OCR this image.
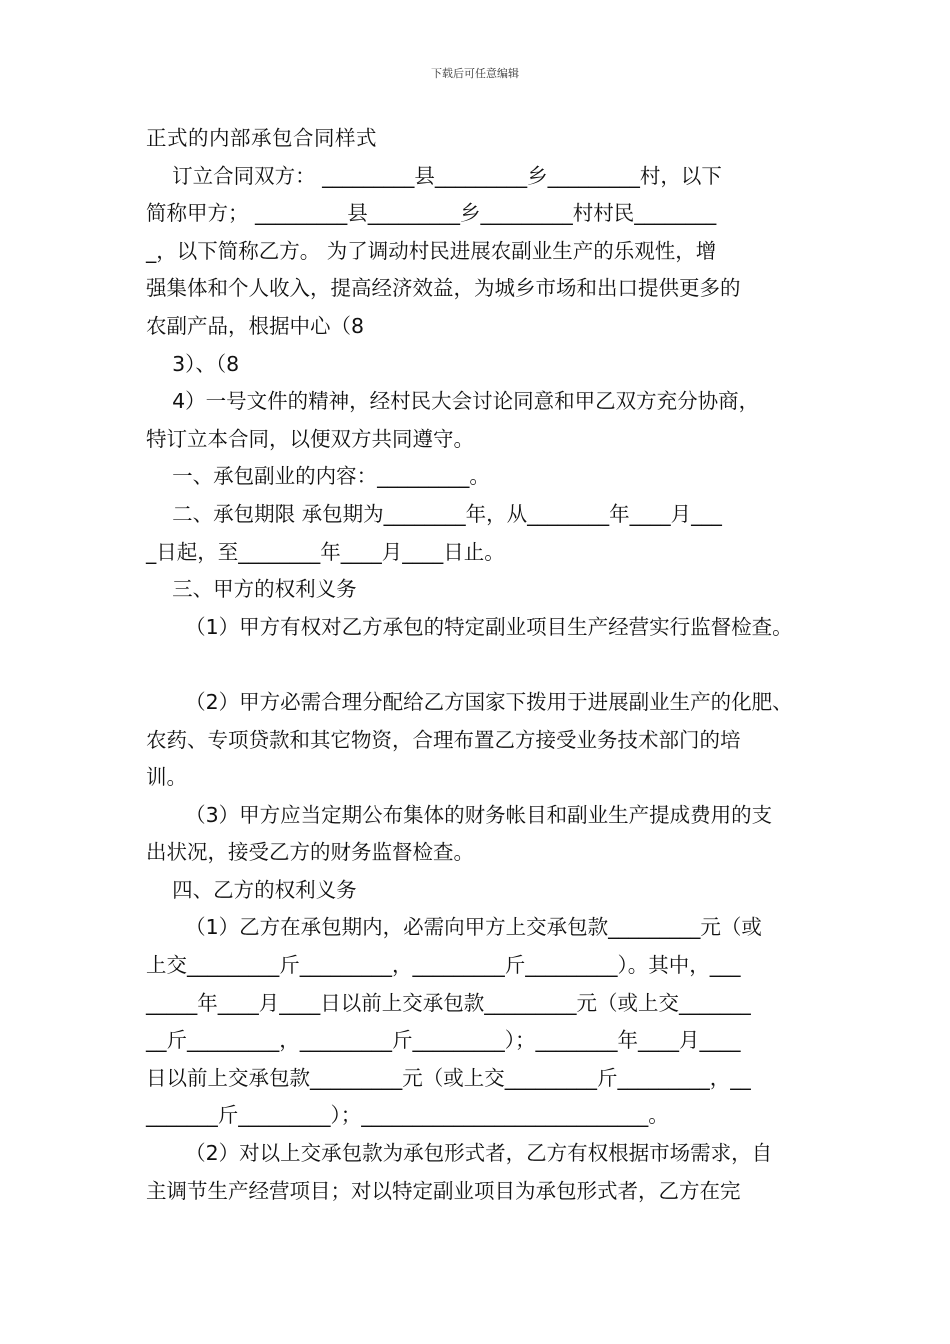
下载后可任意编辑
正式的内部承包合同样式
订立合同双方： _________县_________乡_________村，以下
简称甲方； _________县_________乡_________村村民________
_，以下简称乙方。 为了调动村民进展农副业生产的乐观性，增
强集体和个人收入，提高经济效益，为城乡市场和出口提供更多的
农副产品，根据中心（8
3）、（8
4）一号文件的精神，经村民大会讨论同意和甲乙双方充分协商，
特订立本合同，以便双方共同遵守。
一、承包副业的内容：_________。
二、承包期限 承包期为________年，从________年____月___
_日起，至________年____月____日止。
三、甲方的权利义务
（1）甲方有权对乙方承包的特定副业项目生产经营实行监督检查。
（2）甲方必需合理分配给乙方国家下拨用于进展副业生产的化肥、
农药、专项贷款和其它物资，合理布置乙方接受业务技术部门的培
训。
（3）甲方应当定期公布集体的财务帐目和副业生产提成费用的支
出状况，接受乙方的财务监督检查。
四、乙方的权利义务
（1）乙方在承包期内，必需向甲方上交承包款_________元（或
上交_________斤_________，_________斤_________）。其中，___
_____年____月____日以前上交承包款_________元（或上交_______
__斤_________，_________斤_________）；________年____月____
日以前上交承包款_________元（或上交_________斤_________，__
_______斤_________）；____________________________。
（2）对以上交承包款为承包形式者，乙方有权根据市场需求，自
主调节生产经营项目；对以特定副业项目为承包形式者，乙方在完
